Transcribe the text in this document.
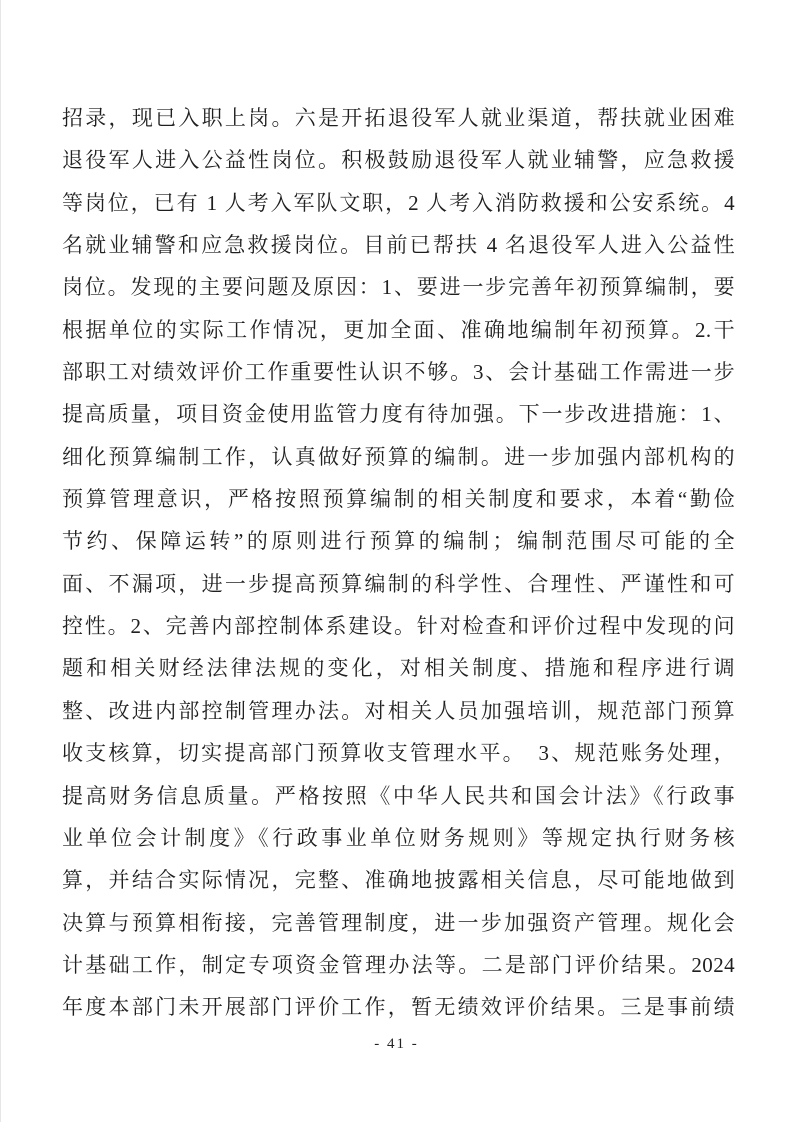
招录，现已入职上岗。六是开拓退役军人就业渠道，帮扶就业困难
退役军人进入公益性岗位。积极鼓励退役军人就业辅警，应急救援
等岗位，已有 1 人考入军队文职，2 人考入消防救援和公安系统。4
名就业辅警和应急救援岗位。目前已帮扶 4 名退役军人进入公益性
岗位。发现的主要问题及原因：1、要进一步完善年初预算编制，要
根据单位的实际工作情况，更加全面、准确地编制年初预算。2.干
部职工对绩效评价工作重要性认识不够。3、会计基础工作需进一步
提高质量，项目资金使用监管力度有待加强。下一步改进措施：1、
细化预算编制工作，认真做好预算的编制。进一步加强内部机构的
预算管理意识，严格按照预算编制的相关制度和要求，本着“勤俭
节约、保障运转”的原则进行预算的编制；编制范围尽可能的全
面、不漏项，进一步提高预算编制的科学性、合理性、严谨性和可
控性。2、完善内部控制体系建设。针对检查和评价过程中发现的问
题和相关财经法律法规的变化，对相关制度、措施和程序进行调
整、改进内部控制管理办法。对相关人员加强培训，规范部门预算
收支核算，切实提高部门预算收支管理水平。　3、规范账务处理，
提高财务信息质量。严格按照《中华人民共和国会计法》《行政事
业单位会计制度》《行政事业单位财务规则》等规定执行财务核
算，并结合实际情况，完整、准确地披露相关信息，尽可能地做到
决算与预算相衔接，完善管理制度，进一步加强资产管理。规化会
计基础工作，制定专项资金管理办法等。二是部门评价结果。2024
年度本部门未开展部门评价工作，暂无绩效评价结果。三是事前绩
- 41 -
